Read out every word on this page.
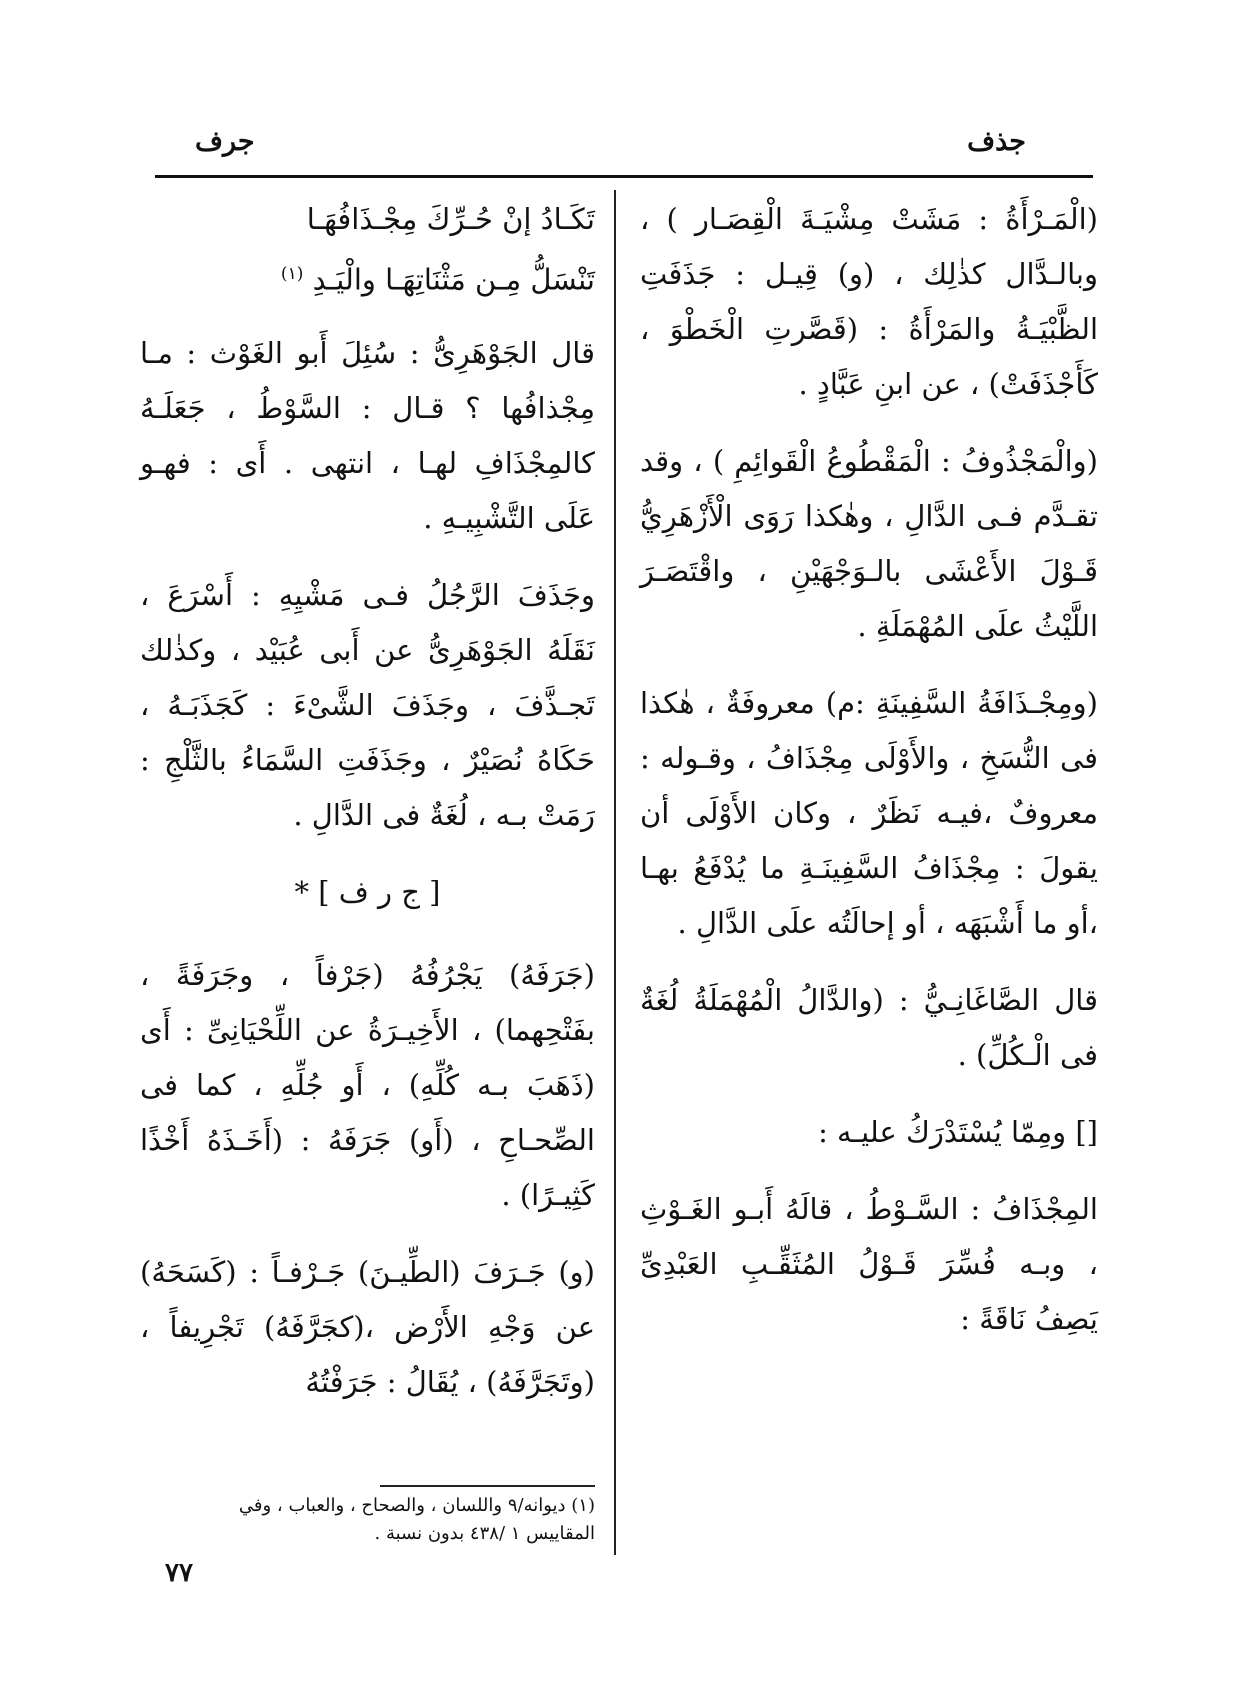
جذف
جرف

(الْمَـرْأَةُ : مَشَتْ مِشْيَـةَ الْقِصَـار ) ، وبالـدَّال كذٰلِك ، (و) قِيـل : جَذَفَتِ الظَّبْيَـةُ والمَرْأَةُ : (قَصَّرتِ الْخَطْوَ ، كَأَجْذَفَتْ) ، عن ابنِ عَبَّادٍ .

(والْمَجْذُوفُ : الْمَقْطُوعُ الْقَوائِمِ ) ، وقد تقـدَّم فـى الدَّالِ ، وهٰكذا رَوَى الْأَزْهَرِيُّ قَـوْلَ الأَعْشَى بالـوَجْهَيْنِ ، واقْتَصَـرَ اللَّيْثُ علَى المُهْمَلَةِ .

(ومِجْـذَافَةُ السَّفِينَةِ :م) معروفَةٌ ، هٰكذا فى النُّسَخِ ، والأَوْلَى مِجْذَافُ ، وقـوله : معروفٌ ،فيـه نَظَرٌ ، وكان الأَوْلَى أن يقولَ : مِجْذَافُ السَّفِينَـةِ ما يُدْفَعُ بهـا ،أو ما أَشْبَهَه ، أو إحالَتُه علَى الدَّالِ .

قال الصَّاغَانِـيُّ : (والدَّالُ الْمُهْمَلَةُ لُغَةٌ فى الْـكُلِّ) .

[] ومِمّا يُسْتَدْرَكُ عليـه :

المِجْذَافُ : السَّـوْطُ ، قالَهُ أَبـو الغَـوْثِ ، وبـه فُسِّرَ قَـوْلُ المُثَقِّـبِ العَبْدِىِّ يَصِفُ نَاقَةً :

تَكَـادُ إنْ حُـرِّكَ مِجْـذَافُهَـا
تَنْسَلُّ مِـن مَثْنَاتِهَـا والْيَـدِ $^{(١)}$

قال الجَوْهَرِىُّ : سُئِلَ أَبو الغَوْث : مـا مِجْذافُها ؟ قـال : السَّوْطُ ، جَعَلَـهُ كالمِجْذَافِ لهـا ، انتهى . أَى : فهـو عَلَى التَّشْبِيـهِ .

وجَذَفَ الرَّجُلُ فـى مَشْيِهِ : أَسْرَعَ ، نَقَلَهُ الجَوْهَرِىُّ عن أَبى عُبَيْد ، وكذٰلك تَجـذَّفَ ، وجَذَفَ الشَّىْءَ : كَجَذَبَـهُ ، حَكَاهُ نُصَيْرٌ ، وجَذَفَتِ السَّمَاءُ بالثَّلْجِ : رَمَتْ بـه ، لُغَةٌ فى الدَّالِ .

[ ج ر ف ] *

(جَرَفَهُ) يَجْرُفُهُ (جَرْفاً ، وجَرَفَةً ، بفَتْحِهما) ، الأَخِيـرَةُ عن اللِّحْيَانِىِّ : أَى (ذَهَبَ بـه كُلِّهِ) ، أَو جُلِّهِ ، كما فى الصِّحـاحِ ، (أَو) جَرَفَهُ : (أَخَـذَهُ أَخْذًا كَثِيـرًا) .

(و) جَـرَفَ (الطِّيـنَ) جَـرْفـاً : (كَسَحَهُ) عن وَجْهِ الأَرْض ،(كجَرَّفَهُ) تَجْرِيفاً ، (وتَجَرَّفَهُ) ، يُقَالُ : جَرَفْتُهُ

(١) ديوانه/٩ واللسان ، والصحاح ، والعباب ، وفي
المقاييس ١ /٤٣٨ بدون نسبة .
٧٧
